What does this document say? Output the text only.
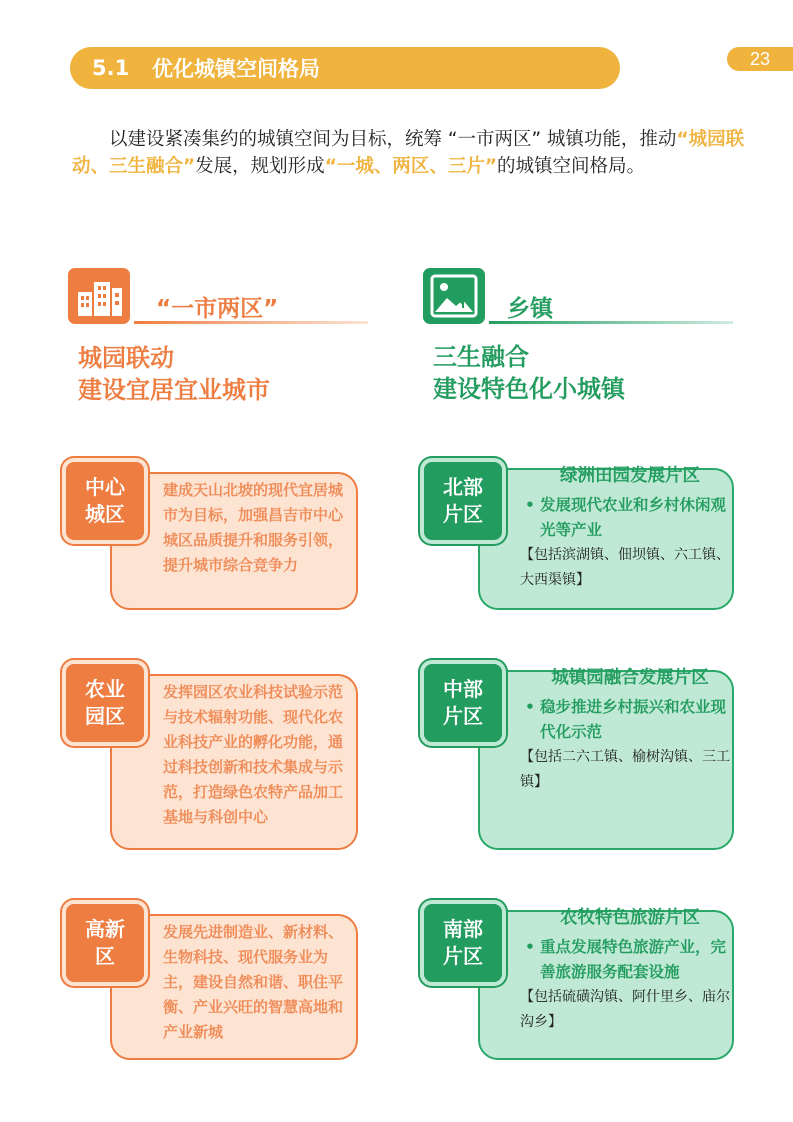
5.1	优化城镇空间格局	23
以建设紧凑集约的城镇空间为目标，统筹 “一市两区” 城镇功能，推动“城园联动、三生融合”发展，规划形成“一城、两区、三片”的城镇空间格局。
“一市两区”
城园联动
建设宜居宜业城市
乡镇
三生融合
建设特色化小城镇
中心
城区
建成天山北坡的现代宜居城市为目标，加强昌吉市中心城区品质提升和服务引领，提升城市综合竞争力
农业
园区
发挥园区农业科技试验示范与技术辐射功能、现代化农业科技产业的孵化功能，通过科技创新和技术集成与示范，打造绿色农特产品加工基地与科创中心
高新
区
发展先进制造业、新材料、生物科技、现代服务业为主，建设自然和谐、职住平衡、产业兴旺的智慧高地和产业新城
北部
片区
绿洲田园发展片区
• 发展现代农业和乡村休闲观光等产业
【包括滨湖镇、佃坝镇、六工镇、大西渠镇】
中部
片区
城镇园融合发展片区
• 稳步推进乡村振兴和农业现代化示范
【包括二六工镇、榆树沟镇、三工镇】
南部
片区
农牧特色旅游片区
• 重点发展特色旅游产业，完善旅游服务配套设施
【包括硫磺沟镇、阿什里乡、庙尔沟乡】
